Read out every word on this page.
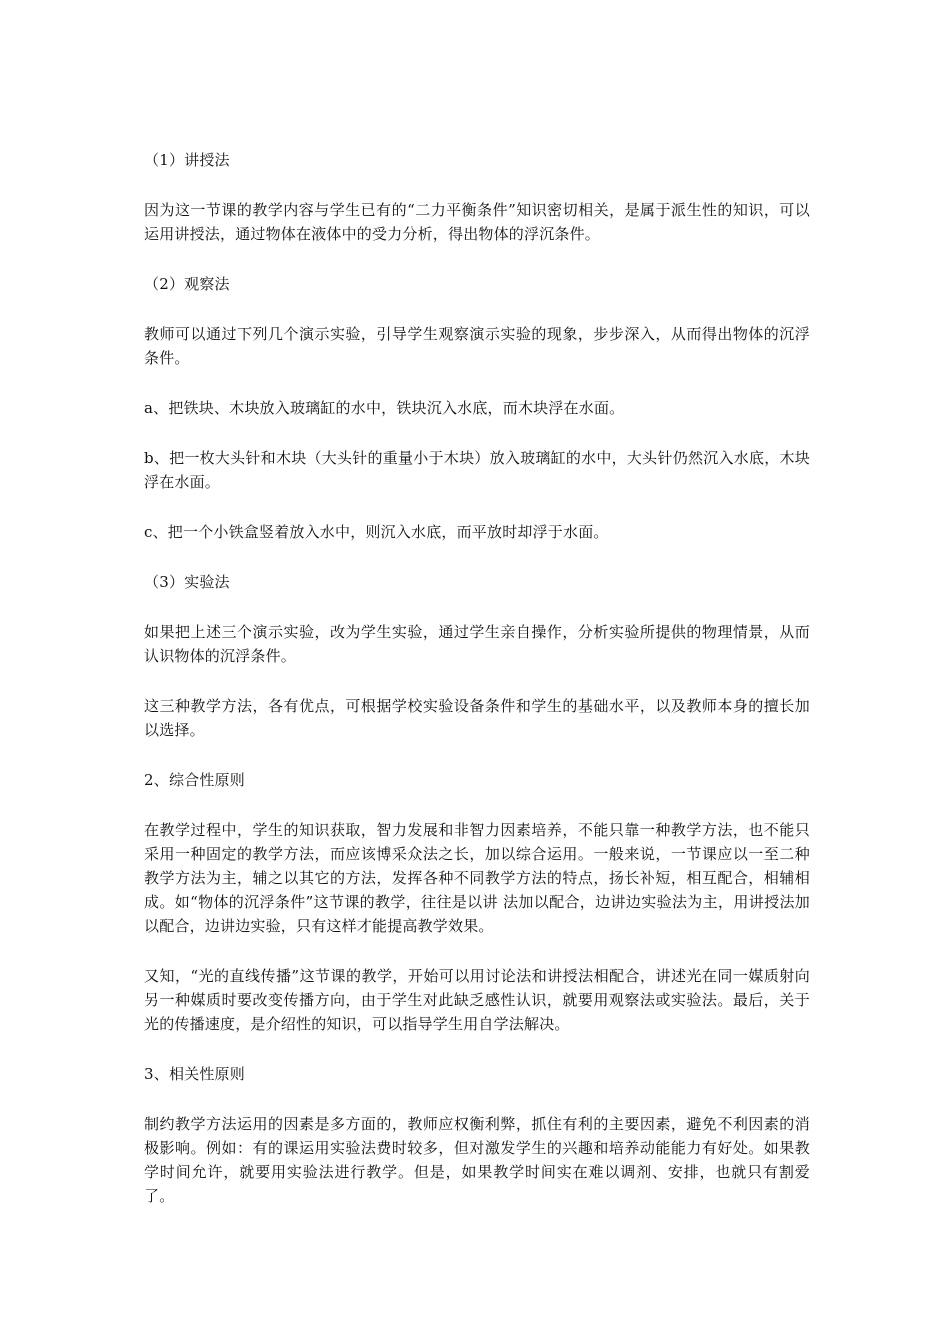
（1）讲授法

因为这一节课的教学内容与学生已有的“二力平衡条件”知识密切相关，是属于派生性的知识，可以运用讲授法，通过物体在液体中的受力分析，得出物体的浮沉条件。

（2）观察法

教师可以通过下列几个演示实验，引导学生观察演示实验的现象，步步深入，从而得出物体的沉浮条件。

a、把铁块、木块放入玻璃缸的水中，铁块沉入水底，而木块浮在水面。

b、把一枚大头针和木块（大头针的重量小于木块）放入玻璃缸的水中，大头针仍然沉入水底，木块浮在水面。

c、把一个小铁盒竖着放入水中，则沉入水底，而平放时却浮于水面。

（3）实验法

如果把上述三个演示实验，改为学生实验，通过学生亲自操作，分析实验所提供的物理情景，从而认识物体的沉浮条件。

这三种教学方法，各有优点，可根据学校实验设备条件和学生的基础水平，以及教师本身的擅长加以选择。

2、综合性原则

在教学过程中，学生的知识获取，智力发展和非智力因素培养，不能只靠一种教学方法，也不能只采用一种固定的教学方法，而应该博采众法之长，加以综合运用。一般来说，一节课应以一至二种教学方法为主，辅之以其它的方法，发挥各种不同教学方法的特点，扬长补短，相互配合，相辅相成。如“物体的沉浮条件”这节课的教学，往往是以讲 法加以配合，边讲边实验法为主，用讲授法加以配合，边讲边实验，只有这样才能提高教学效果。

又知，“光的直线传播”这节课的教学，开始可以用讨论法和讲授法相配合，讲述光在同一媒质射向另一种媒质时要改变传播方向，由于学生对此缺乏感性认识，就要用观察法或实验法。最后，关于光的传播速度，是介绍性的知识，可以指导学生用自学法解决。

3、相关性原则

制约教学方法运用的因素是多方面的，教师应权衡利弊，抓住有利的主要因素，避免不利因素的消极影响。例如：有的课运用实验法费时较多，但对激发学生的兴趣和培养动能能力有好处。如果教学时间允许，就要用实验法进行教学。但是，如果教学时间实在难以调剂、安排，也就只有割爱了。
